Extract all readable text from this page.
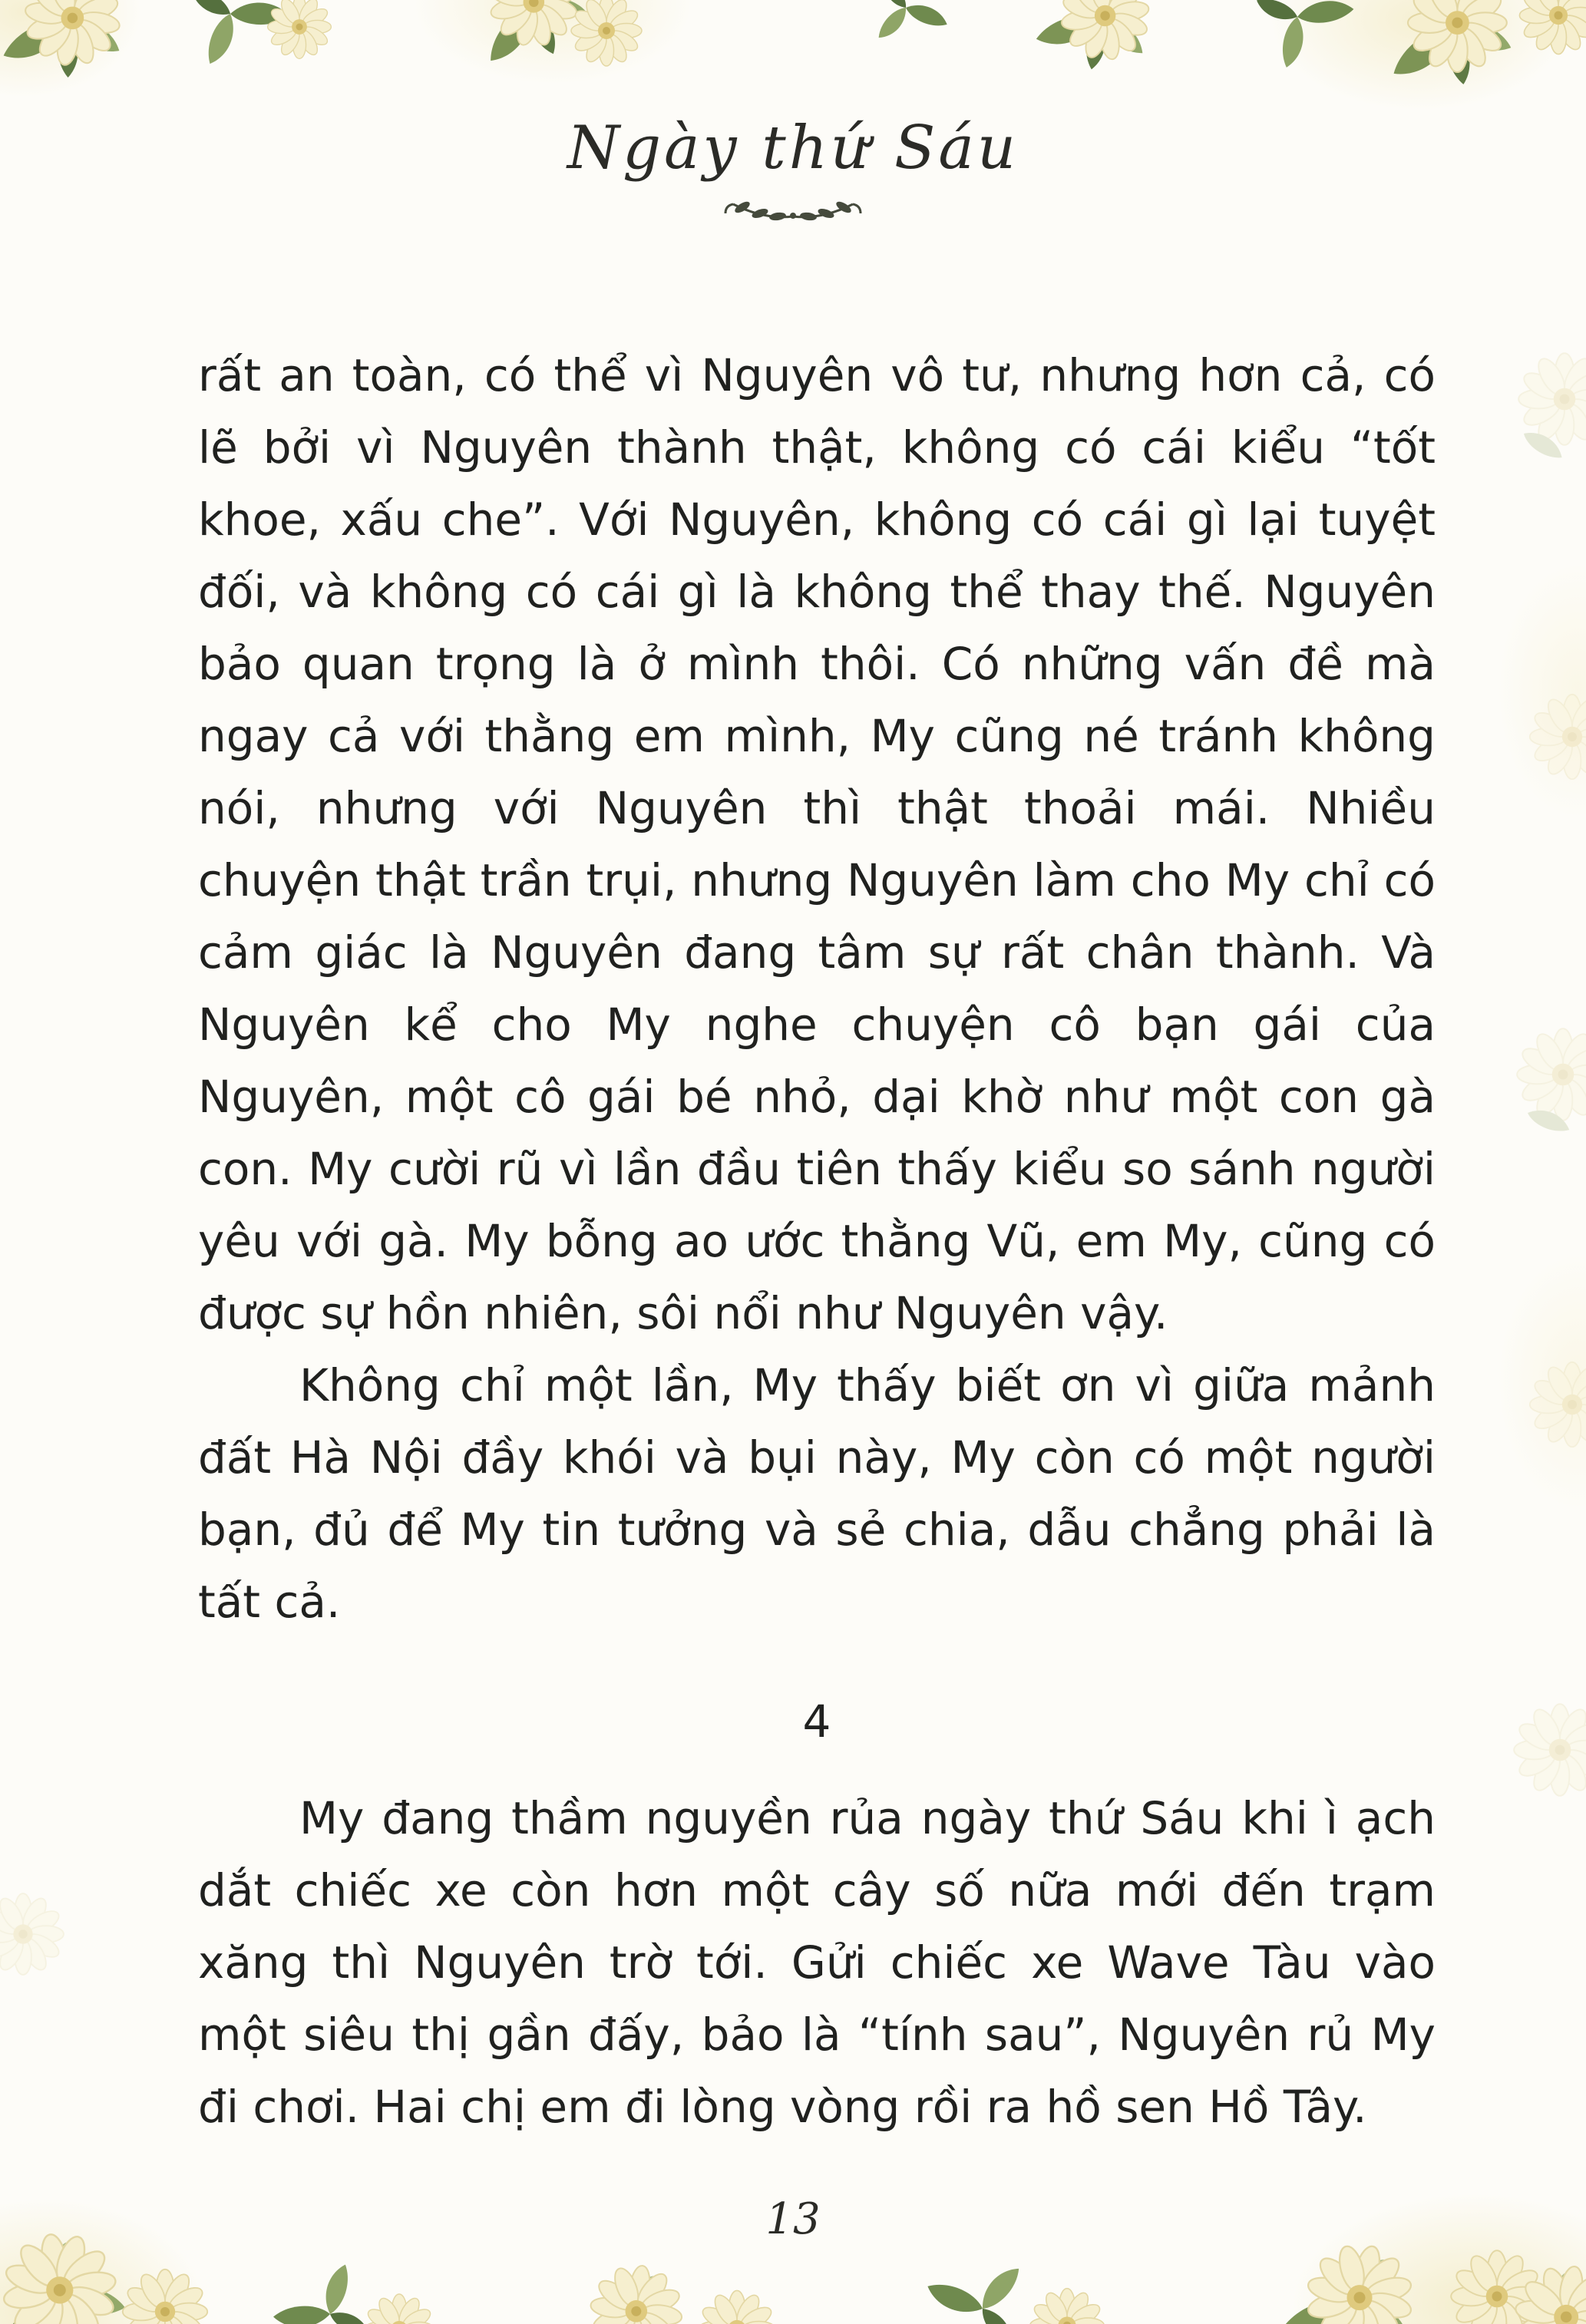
Ngày thứ Sáu

rất an toàn, có thể vì Nguyên vô tư, nhưng hơn cả, có lẽ bởi vì Nguyên thành thật, không có cái kiểu “tốt khoe, xấu che”. Với Nguyên, không có cái gì lại tuyệt đối, và không có cái gì là không thể thay thế. Nguyên bảo quan trọng là ở mình thôi. Có những vấn đề mà ngay cả với thằng em mình, My cũng né tránh không nói, nhưng với Nguyên thì thật thoải mái. Nhiều chuyện thật trần trụi, nhưng Nguyên làm cho My chỉ có cảm giác là Nguyên đang tâm sự rất chân thành. Và Nguyên kể cho My nghe chuyện cô bạn gái của Nguyên, một cô gái bé nhỏ, dại khờ như một con gà con. My cười rũ vì lần đầu tiên thấy kiểu so sánh người yêu với gà. My bỗng ao ước thằng Vũ, em My, cũng có được sự hồn nhiên, sôi nổi như Nguyên vậy.

Không chỉ một lần, My thấy biết ơn vì giữa mảnh đất Hà Nội đầy khói và bụi này, My còn có một người bạn, đủ để My tin tưởng và sẻ chia, dẫu chẳng phải là tất cả.

4

My đang thầm nguyền rủa ngày thứ Sáu khi ì ạch dắt chiếc xe còn hơn một cây số nữa mới đến trạm xăng thì Nguyên trờ tới. Gửi chiếc xe Wave Tàu vào một siêu thị gần đấy, bảo là “tính sau”, Nguyên rủ My đi chơi. Hai chị em đi lòng vòng rồi ra hồ sen Hồ Tây.

13
